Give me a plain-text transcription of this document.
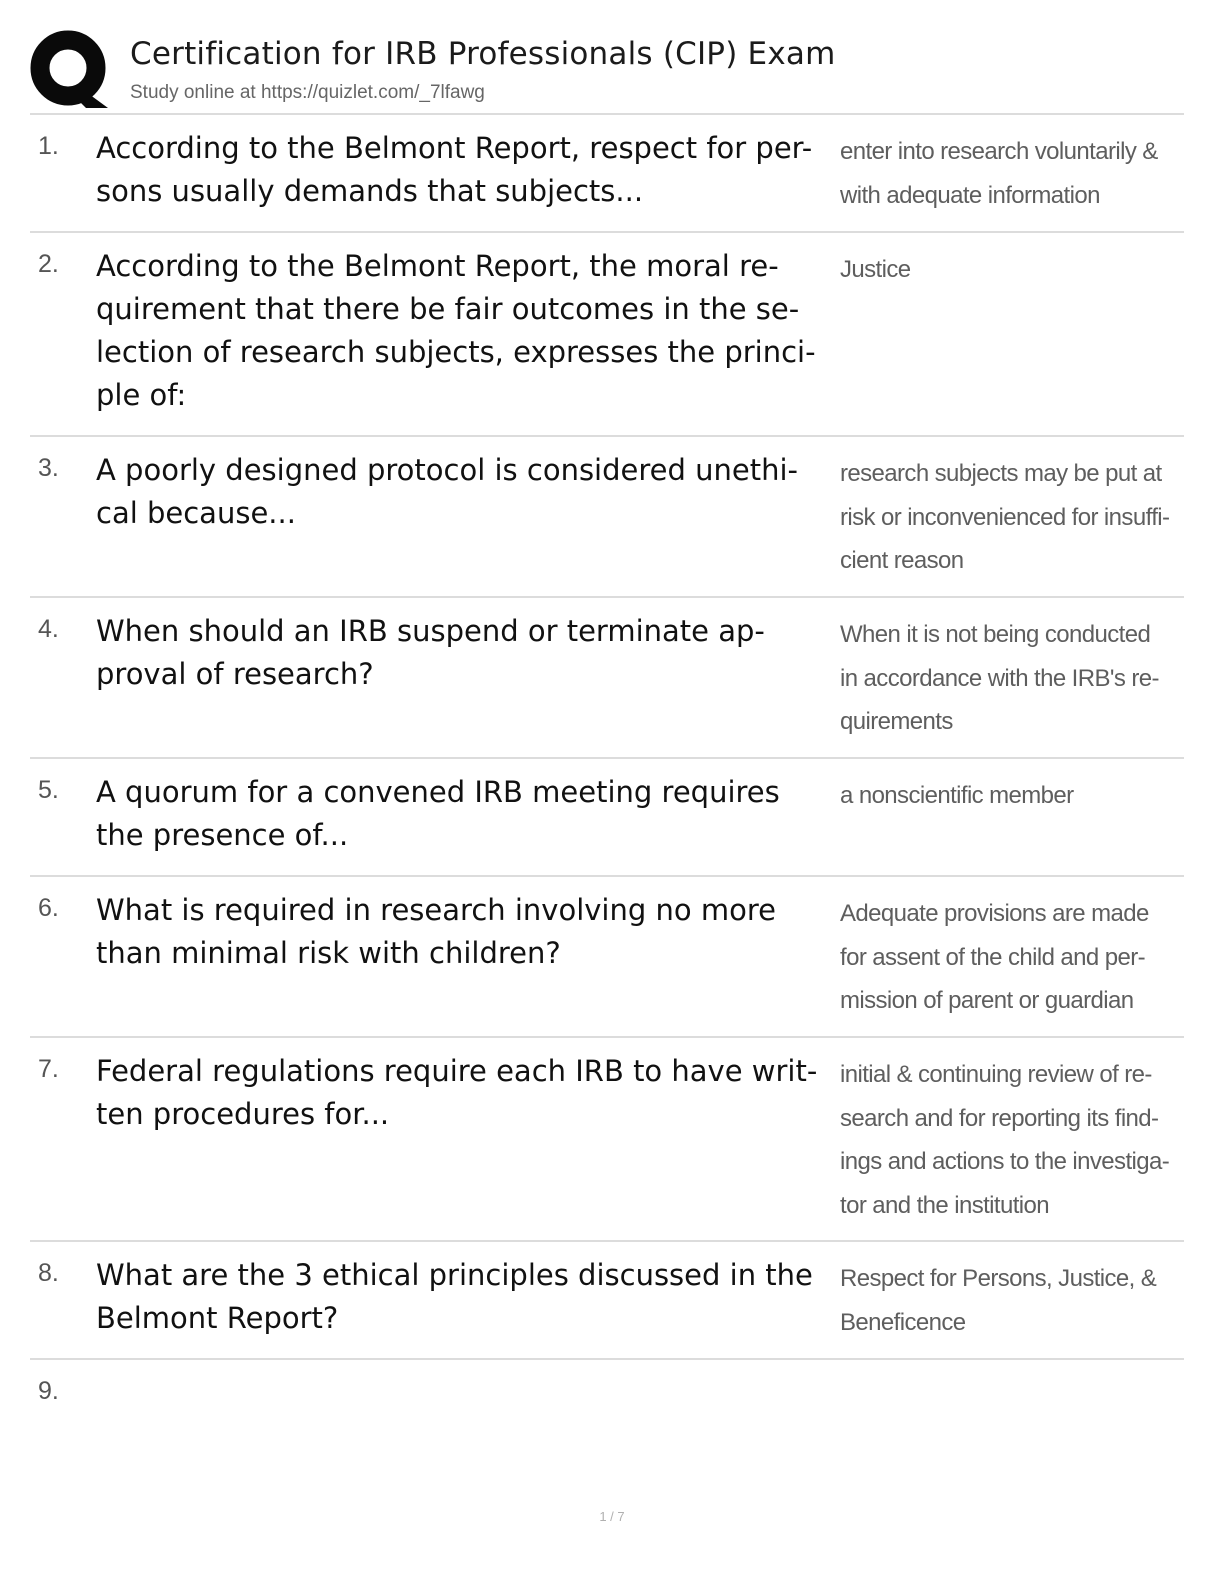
Certification for IRB Professionals (CIP) Exam
Study online at https://quizlet.com/_7lfawg
1. According to the Belmont Report, respect for per-sons usually demands that subjects...
enter into research voluntarily & with adequate information
2. According to the Belmont Report, the moral re-quirement that there be fair outcomes in the se-lection of research subjects, expresses the princi-ple of:
Justice
3. A poorly designed protocol is considered unethi-cal because...
research subjects may be put at risk or inconvenienced for insuffi-cient reason
4. When should an IRB suspend or terminate ap-proval of research?
When it is not being conducted in accordance with the IRB's re-quirements
5. A quorum for a convened IRB meeting requires the presence of...
a nonscientific member
6. What is required in research involving no more than minimal risk with children?
Adequate provisions are made for assent of the child and per-mission of parent or guardian
7. Federal regulations require each IRB to have writ-ten procedures for...
initial & continuing review of re-search and for reporting its find-ings and actions to the investiga-tor and the institution
8. What are the 3 ethical principles discussed in the Belmont Report?
Respect for Persons, Justice, & Beneficence
9.
1 / 7
